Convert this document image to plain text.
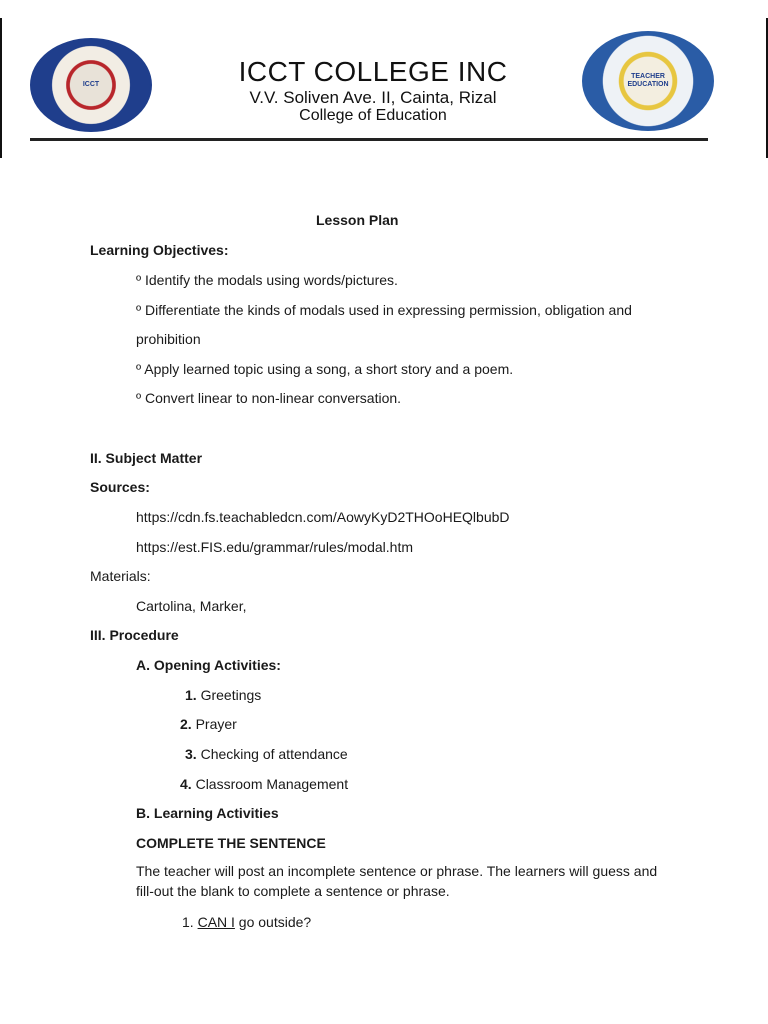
ICCT	ICCT COLLEGE INC
V.V. Soliven Ave. II, Cainta, Rizal
College of Education
TEACHER EDUCATION
Lesson Plan
Learning Objectives:
º Identify the modals using words/pictures.
º Differentiate the kinds of modals used in expressing permission, obligation and
prohibition
º Apply learned topic using a song, a short story and a poem.
º Convert linear to non-linear conversation.
II. Subject Matter
Sources:
https://cdn.fs.teachabledcn.com/AowyKyD2THOoHEQlbubD
https://est.FIS.edu/grammar/rules/modal.htm
Materials:
Cartolina, Marker,
III. Procedure
A. Opening Activities:
1. Greetings
2. Prayer
3. Checking of attendance
4. Classroom Management
B. Learning Activities
COMPLETE THE SENTENCE
The teacher will post an incomplete sentence or phrase. The learners will guess and fill-out the blank to complete a sentence or phrase.
1. CAN I go outside?
